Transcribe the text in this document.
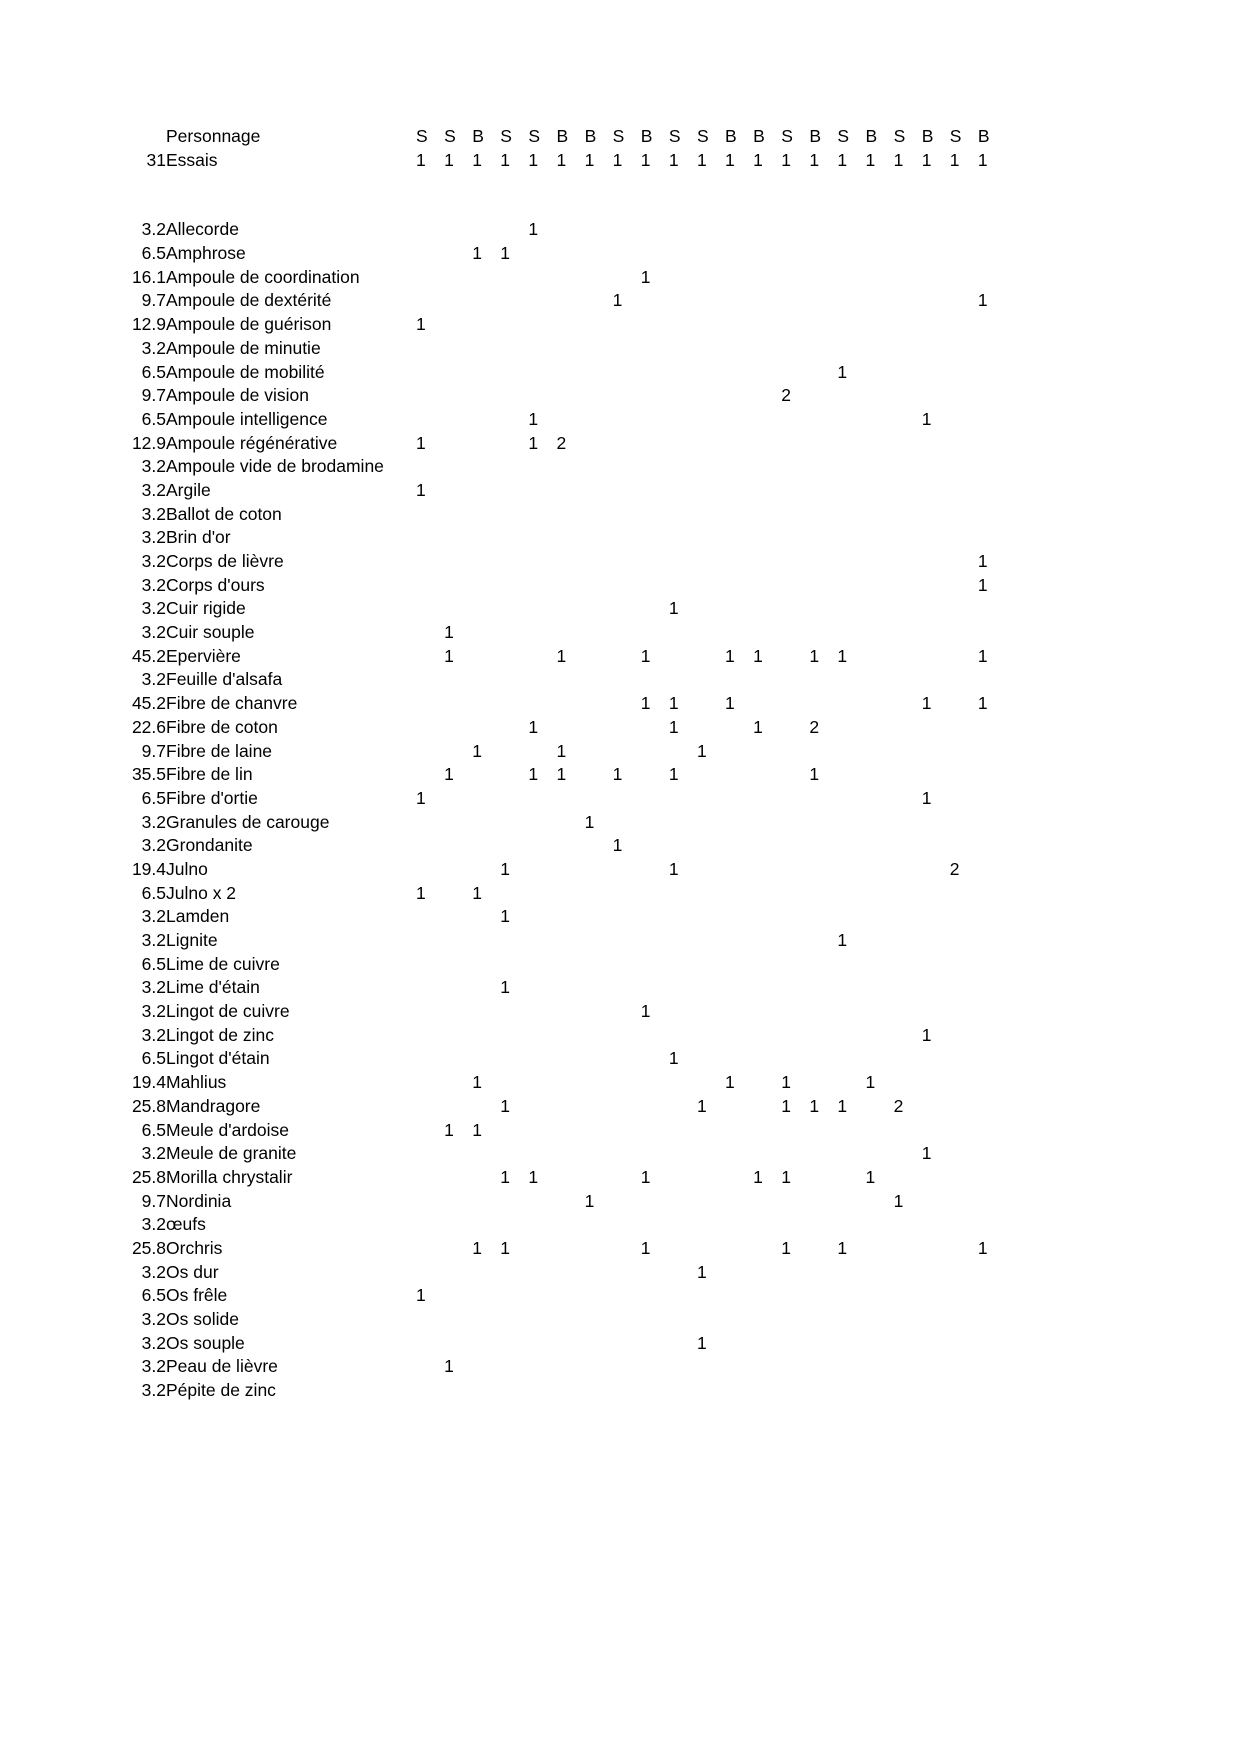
	Personnage	S	S	B	S	S	B	B	S	B	S	S	B	B	S	B	S	B	S	B	S	B
31	Essais	1	1	1	1	1	1	1	1	1	1	1	1	1	1	1	1	1	1	1	1	1

3.2	Allecorde					1																
6.5	Amphrose			1	1																	
16.1	Ampoule de coordination									1												
9.7	Ampoule de dextérité								1													1
12.9	Ampoule de guérison	1																				
3.2	Ampoule de minutie																					
6.5	Ampoule de mobilité																1					
9.7	Ampoule de vision														2							
6.5	Ampoule intelligence					1														1		
12.9	Ampoule régénérative	1				1	2															
3.2	Ampoule vide de brodamine																					
3.2	Argile	1																				
3.2	Ballot de coton																					
3.2	Brin d'or																					
3.2	Corps de lièvre																					1
3.2	Corps d'ours																					1
3.2	Cuir rigide										1											
3.2	Cuir souple		1																			
45.2	Epervière		1				1			1			1	1		1	1					1
3.2	Feuille d'alsafa																					
45.2	Fibre de chanvre									1	1		1							1		1
22.6	Fibre de coton					1					1			1		2						
9.7	Fibre de laine			1			1					1										
35.5	Fibre de lin		1			1	1		1		1					1						
6.5	Fibre d'ortie	1																		1		
3.2	Granules de carouge							1														
3.2	Grondanite								1													
19.4	Julno				1						1										2	
6.5	Julno x 2	1		1																		
3.2	Lamden				1																	
3.2	Lignite																1					
6.5	Lime de cuivre																					
3.2	Lime d'étain				1																	
3.2	Lingot de cuivre									1												
3.2	Lingot de zinc																			1		
6.5	Lingot d'étain										1											
19.4	Mahlius			1									1		1			1				
25.8	Mandragore				1							1			1	1	1		2			
6.5	Meule d'ardoise		1	1																		
3.2	Meule de granite																			1		
25.8	Morilla chrystalir				1	1				1				1	1			1				
9.7	Nordinia							1											1			
3.2	œufs																					
25.8	Orchris			1	1					1					1		1					1
3.2	Os dur											1										
6.5	Os frêle	1																				
3.2	Os solide																					
3.2	Os souple											1										
3.2	Peau de lièvre		1																			
3.2	Pépite de zinc																					
